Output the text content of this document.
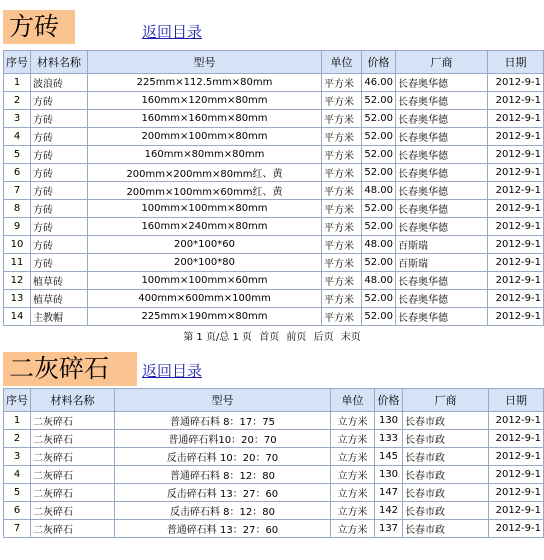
方砖	返回目录
序号	材料名称	型号	单位	价格	厂商	日期
1	波浪砖	225mm×112.5mm×80mm	平方米	46.00	长春奥华德	2012-9-1
2	方砖	160mm×120mm×80mm	平方米	52.00	长春奥华德	2012-9-1
3	方砖	160mm×160mm×80mm	平方米	52.00	长春奥华德	2012-9-1
4	方砖	200mm×100mm×80mm	平方米	52.00	长春奥华德	2012-9-1
5	方砖	160mm×80mm×80mm	平方米	52.00	长春奥华德	2012-9-1
6	方砖	200mm×200mm×80mm红、黄	平方米	52.00	长春奥华德	2012-9-1
7	方砖	200mm×100mm×60mm红、黄	平方米	48.00	长春奥华德	2012-9-1
8	方砖	100mm×100mm×80mm	平方米	52.00	长春奥华德	2012-9-1
9	方砖	160mm×240mm×80mm	平方米	52.00	长春奥华德	2012-9-1
10	方砖	200*100*60	平方米	48.00	百斯瑞	2012-9-1
11	方砖	200*100*80	平方米	52.00	百斯瑞	2012-9-1
12	植草砖	100mm×100mm×60mm	平方米	48.00	长春奥华德	2012-9-1
13	植草砖	400mm×600mm×100mm	平方米	52.00	长春奥华德	2012-9-1
14	主教帽	225mm×190mm×80mm	平方米	52.00	长春奥华德	2012-9-1
第 1 页/总 1 页 首页 前页 后页 末页
二灰碎石	返回目录
序号	材料名称	型号	单位	价格	厂商	日期
1	二灰碎石	普通碎石料 8：17：75	立方米	130	长春市政	2012-9-1
2	二灰碎石	普通碎石料10：20：70	立方米	133	长春市政	2012-9-1
3	二灰碎石	反击碎石料 10：20：70	立方米	145	长春市政	2012-9-1
4	二灰碎石	普通碎石料 8：12：80	立方米	130	长春市政	2012-9-1
5	二灰碎石	反击碎石料 13：27：60	立方米	147	长春市政	2012-9-1
6	二灰碎石	反击碎石料 8：12：80	立方米	142	长春市政	2012-9-1
7	二灰碎石	普通碎石料 13：27：60	立方米	137	长春市政	2012-9-1
